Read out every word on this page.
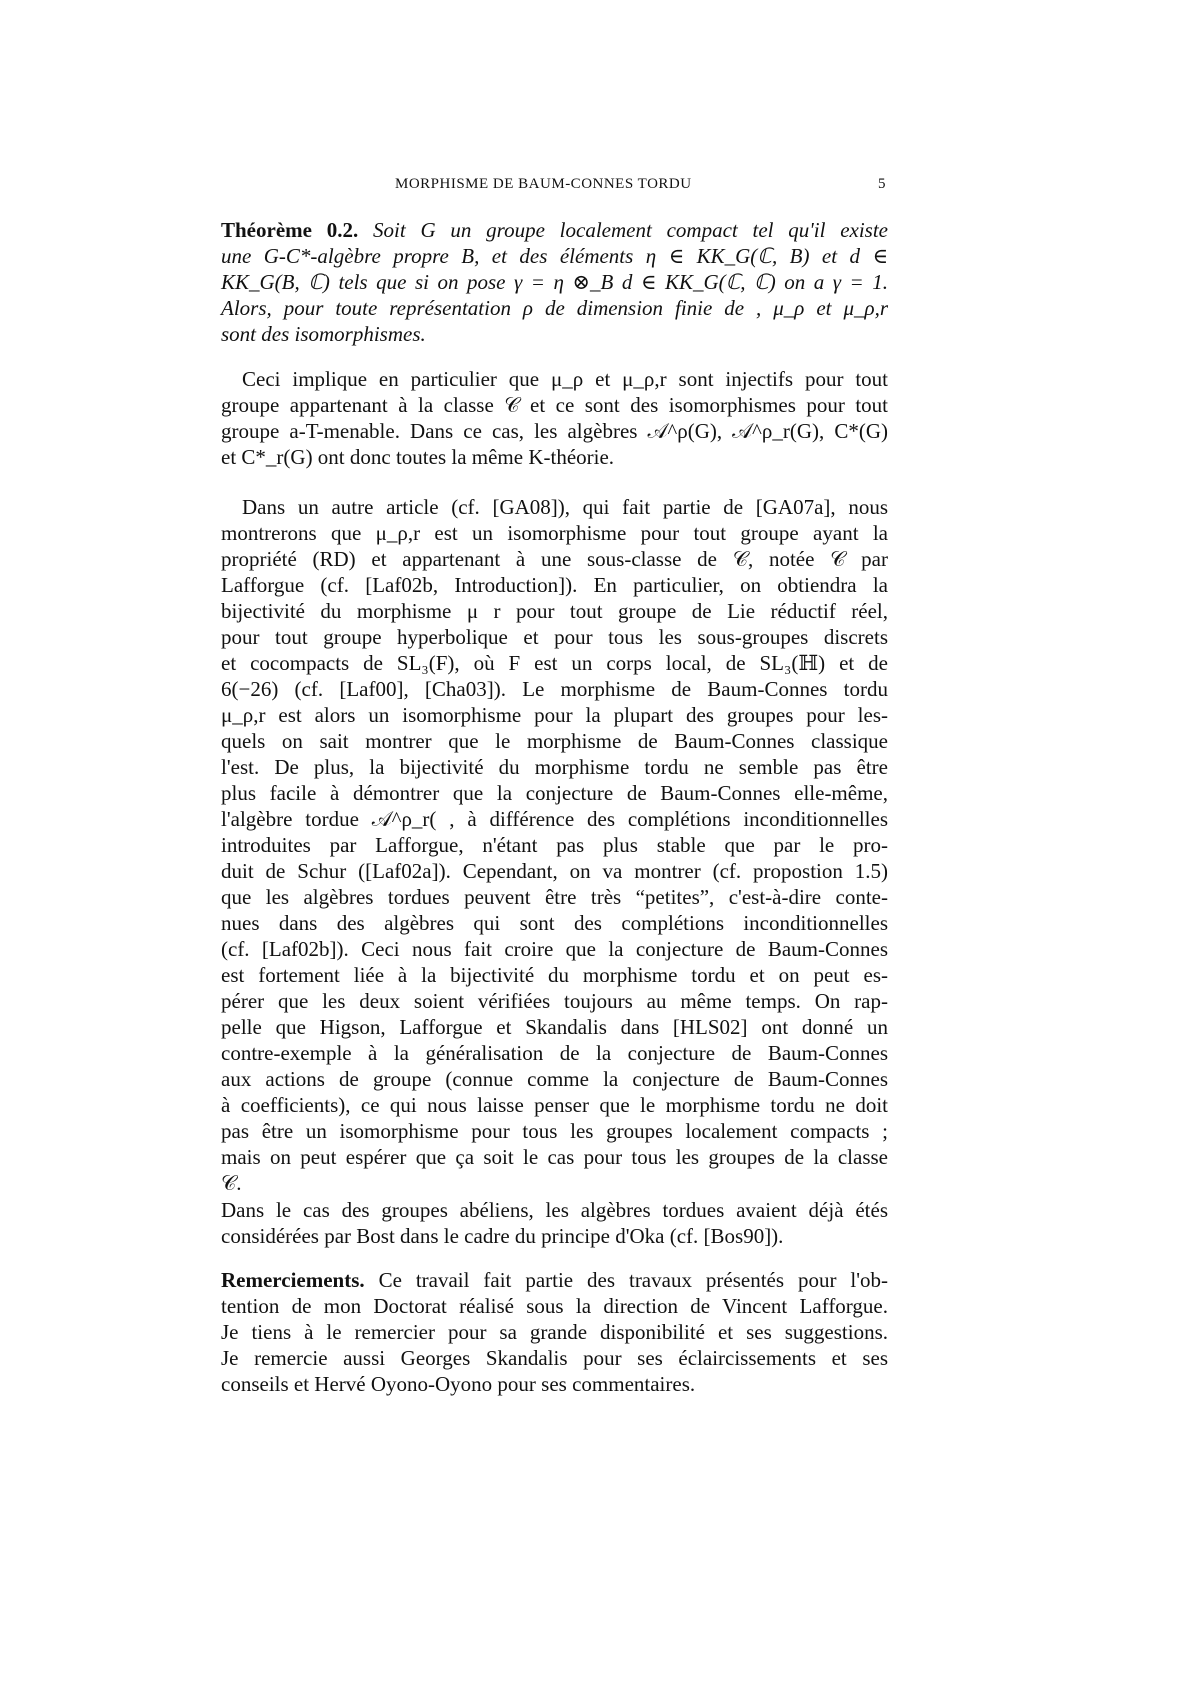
MORPHISME DE BAUM-CONNES TORDU	5
Théorème 0.2. Soit G un groupe localement compact tel qu'il existe
une G-C*-algèbre propre B, et des éléments η ∈ KK_G(ℂ, B) et d ∈
KK_G(B, ℂ) tels que si on pose γ = η ⊗_B d ∈ KK_G(ℂ, ℂ) on a γ = 1.
Alors, pour toute représentation ρ de dimension finie de , μ_ρ et μ_ρ,r
sont des isomorphismes.
Ceci implique en particulier que μ_ρ et μ_ρ,r sont injectifs pour tout
groupe appartenant à la classe 𝒞 et ce sont des isomorphismes pour tout
groupe a-T-menable. Dans ce cas, les algèbres 𝒜^ρ(G), 𝒜^ρ_r(G), C*(G)
et C*_r(G) ont donc toutes la même K-théorie.
Dans un autre article (cf. [GA08]), qui fait partie de [GA07a], nous
montrerons que μ_ρ,r est un isomorphisme pour tout groupe ayant la
propriété (RD) et appartenant à une sous-classe de 𝒞, notée 𝒞 par
Lafforgue (cf. [Laf02b, Introduction]). En particulier, on obtiendra la
bijectivité du morphisme μ r pour tout groupe de Lie réductif réel,
pour tout groupe hyperbolique et pour tous les sous-groupes discrets
et cocompacts de SL₃(F), où F est un corps local, de SL₃(ℍ) et de
6(−26) (cf. [Laf00], [Cha03]). Le morphisme de Baum-Connes tordu
μ_ρ,r est alors un isomorphisme pour la plupart des groupes pour les-
quels on sait montrer que le morphisme de Baum-Connes classique
l'est. De plus, la bijectivité du morphisme tordu ne semble pas être
plus facile à démontrer que la conjecture de Baum-Connes elle-même,
l'algèbre tordue 𝒜^ρ_r( , à différence des complétions inconditionnelles
introduites par Lafforgue, n'étant pas plus stable que par le pro-
duit de Schur ([Laf02a]). Cependant, on va montrer (cf. propostion 1.5)
que les algèbres tordues peuvent être très “petites”, c'est-à-dire conte-
nues dans des algèbres qui sont des complétions inconditionnelles
(cf. [Laf02b]). Ceci nous fait croire que la conjecture de Baum-Connes
est fortement liée à la bijectivité du morphisme tordu et on peut es-
pérer que les deux soient vérifiées toujours au même temps. On rap-
pelle que Higson, Lafforgue et Skandalis dans [HLS02] ont donné un
contre-exemple à la généralisation de la conjecture de Baum-Connes
aux actions de groupe (connue comme la conjecture de Baum-Connes
à coefficients), ce qui nous laisse penser que le morphisme tordu ne doit
pas être un isomorphisme pour tous les groupes localement compacts ;
mais on peut espérer que ça soit le cas pour tous les groupes de la classe
𝒞.
Dans le cas des groupes abéliens, les algèbres tordues avaient déjà étés
considérées par Bost dans le cadre du principe d'Oka (cf. [Bos90]).
Remerciements. Ce travail fait partie des travaux présentés pour l'ob-
tention de mon Doctorat réalisé sous la direction de Vincent Lafforgue.
Je tiens à le remercier pour sa grande disponibilité et ses suggestions.
Je remercie aussi Georges Skandalis pour ses éclaircissements et ses
conseils et Hervé Oyono-Oyono pour ses commentaires.
